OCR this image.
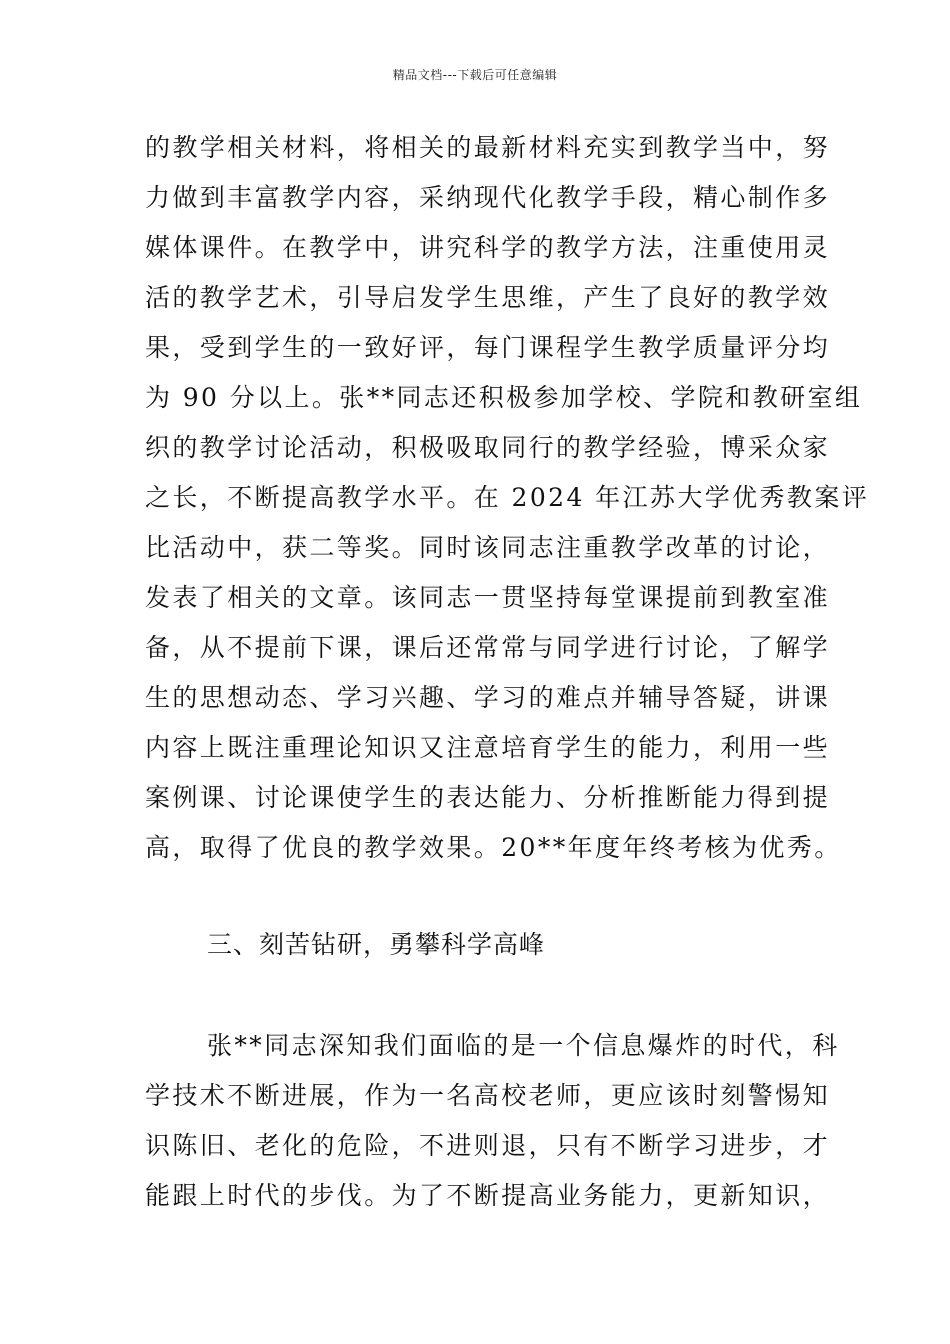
精品文档---下载后可任意编辑
的教学相关材料，将相关的最新材料充实到教学当中，努
力做到丰富教学内容，采纳现代化教学手段，精心制作多
媒体课件。在教学中，讲究科学的教学方法，注重使用灵
活的教学艺术，引导启发学生思维，产生了良好的教学效
果，受到学生的一致好评，每门课程学生教学质量评分均
为 90 分以上。张**同志还积极参加学校、学院和教研室组
织的教学讨论活动，积极吸取同行的教学经验，博采众家
之长，不断提高教学水平。在 2024 年江苏大学优秀教案评
比活动中，获二等奖。同时该同志注重教学改革的讨论，
发表了相关的文章。该同志一贯坚持每堂课提前到教室准
备，从不提前下课，课后还常常与同学进行讨论，了解学
生的思想动态、学习兴趣、学习的难点并辅导答疑，讲课
内容上既注重理论知识又注意培育学生的能力，利用一些
案例课、讨论课使学生的表达能力、分析推断能力得到提
高，取得了优良的教学效果。20**年度年终考核为优秀。
三、刻苦钻研，勇攀科学高峰
张**同志深知我们面临的是一个信息爆炸的时代，科
学技术不断进展，作为一名高校老师，更应该时刻警惕知
识陈旧、老化的危险，不进则退，只有不断学习进步，才
能跟上时代的步伐。为了不断提高业务能力，更新知识，
